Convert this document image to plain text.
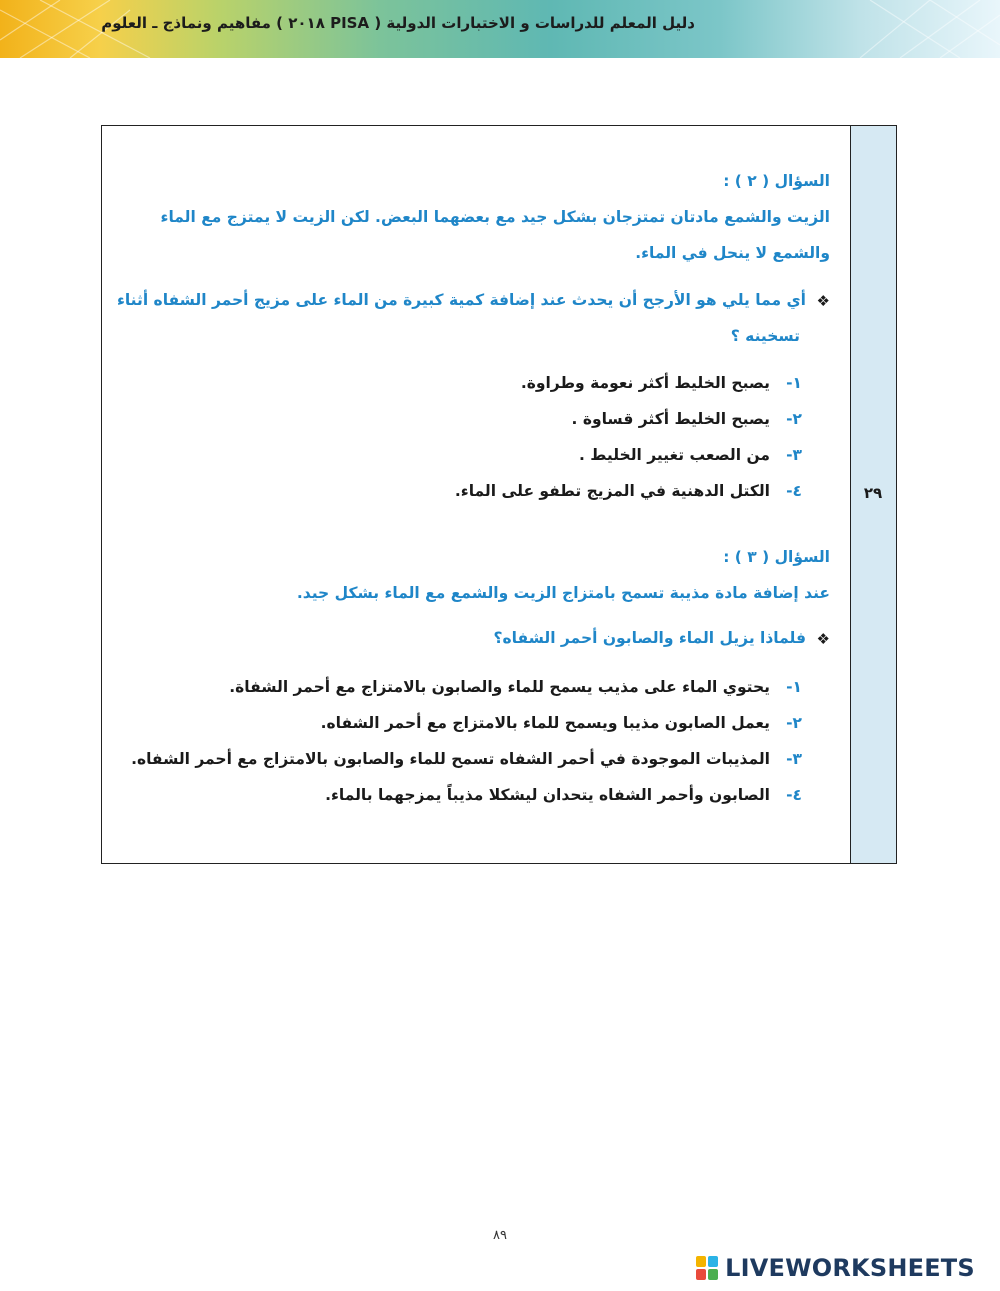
دليل المعلم للدراسات و الاختبارات الدولية ( PISA ٢٠١٨ ) مفاهيم ونماذج ـ العلوم
٢٩
السؤال ( ٢ ) :
الزيت والشمع مادتان تمتزجان بشكل جيد مع بعضهما البعض. لكن الزيت لا يمتزج مع الماء
والشمع لا ينحل في الماء.
❖أي مما يلي هو الأرجح أن يحدث عند إضافة كمية كبيرة من الماء على مزيج أحمر الشفاه أثناء
تسخينه ؟
١-يصبح الخليط أكثر نعومة وطراوة.
٢-يصبح الخليط أكثر قساوة .
٣-من الصعب تغيير الخليط .
٤-الكتل الدهنية في المزيج تطفو على الماء.
السؤال ( ٣ ) :
عند إضافة مادة مذيبة تسمح بامتزاج الزيت والشمع مع الماء بشكل جيد.
❖فلماذا يزيل الماء والصابون أحمر الشفاه؟
١-يحتوي الماء على مذيب يسمح للماء والصابون بالامتزاج مع أحمر الشفاة.
٢-يعمل الصابون مذيبا ويسمح للماء بالامتزاج مع أحمر الشفاه.
٣-المذيبات الموجودة في أحمر الشفاه تسمح للماء والصابون بالامتزاج مع أحمر الشفاه.
٤-الصابون وأحمر الشفاه يتحدان ليشكلا مذيباً يمزجهما بالماء.
٨٩
LIVEWORKSHEETS
